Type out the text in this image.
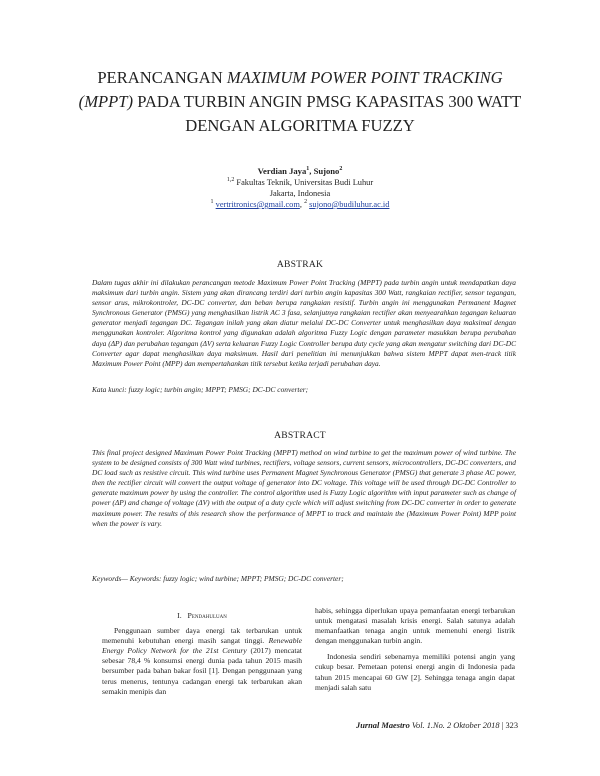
PERANCANGAN MAXIMUM POWER POINT TRACKING (MPPT) PADA TURBIN ANGIN PMSG KAPASITAS 300 WATT DENGAN ALGORITMA FUZZY
Verdian Jaya$^1$, Sujono$^2$
$^{1,2}$ Fakultas Teknik, Universitas Budi Luhur
Jakarta, Indonesia
$^1$ vertritronics@gmail.com, $^2$ sujono@budiluhur.ac.id
ABSTRAK
Dalam tugas akhir ini dilakukan perancangan metode Maximum Power Point Tracking (MPPT) pada turbin angin untuk mendapatkan daya maksimum dari turbin angin. Sistem yang akan dirancang terdiri dari turbin angin kapasitas 300 Watt, rangkaian rectifier, sensor tegangan, sensor arus, mikrokontroler, DC-DC converter, dan beban berupa rangkaian resistif. Turbin angin ini menggunakan Permanent Magnet Synchronous Generator (PMSG) yang menghasilkan listrik AC 3 fasa, selanjutnya rangkaian rectifier akan menyearahkan tegangan keluaran generator menjadi tegangan DC. Tegangan inilah yang akan diatur melalui DC-DC Converter untuk menghasilkan daya maksimal dengan menggunakan kontroler. Algoritma kontrol yang digunakan adalah algoritma Fuzzy Logic dengan parameter masukkan berupa perubahan daya (ΔP) dan perubahan tegangan (ΔV) serta keluaran Fuzzy Logic Controller berupa duty cycle yang akan mengatur switching dari DC-DC Converter agar dapat menghasilkan daya maksimum. Hasil dari penelitian ini menunjukkan bahwa sistem MPPT dapat men-track titik Maximum Power Point (MPP) dan mempertahankan titik tersebut ketika terjadi perubahan daya.
Kata kunci: fuzzy logic; turbin angin; MPPT; PMSG; DC-DC converter;
ABSTRACT
This final project designed Maximum Power Point Tracking (MPPT) method on wind turbine to get the maximum power of wind turbine. The system to be designed consists of 300 Watt wind turbines, rectifiers, voltage sensors, current sensors, microcontrollers, DC-DC converters, and DC load such as resistive circuit. This wind turbine uses Permanent Magnet Synchronous Generator (PMSG) that generate 3 phase AC power, then the rectifier circuit will convert the output voltage of generator into DC voltage. This voltage will be used through DC-DC Controller to generate maximum power by using the controller. The control algorithm used is Fuzzy Logic algorithm with input parameter such as change of power (ΔP) and change of voltage (ΔV) with the output of a duty cycle which will adjust switching from DC-DC converter in order to generate maximum power. The results of this research show the performance of MPPT to track and maintain the (Maximum Power Point) MPP point when the power is vary.
Keywords— Keywords: fuzzy logic; wind turbine; MPPT; PMSG; DC-DC converter;
I. Pendahuluan

Penggunaan sumber daya energi tak terbarukan untuk memenuhi kebutuhan energi masih sangat tinggi. Renewable Energy Policy Network for the 21st Century (2017) mencatat sebesar 78,4 % konsumsi energi dunia pada tahun 2015 masih bersumber pada bahan bakar fosil [1]. Dengan penggunaan yang terus menerus, tentunya cadangan energi tak terbarukan akan semakin menipis dan

habis, sehingga diperlukan upaya pemanfaatan energi terbarukan untuk mengatasi masalah krisis energi. Salah satunya adalah memanfaatkan tenaga angin untuk memenuhi energi listrik dengan menggunakan turbin angin.

Indonesia sendiri sebenarnya memiliki potensi angin yang cukup besar. Pemetaan potensi energi angin di Indonesia pada tahun 2015 mencapai 60 GW [2]. Sehingga tenaga angin dapat menjadi salah satu

Jurnal Maestro Vol. 1.No. 2 Oktober 2018 | 323
